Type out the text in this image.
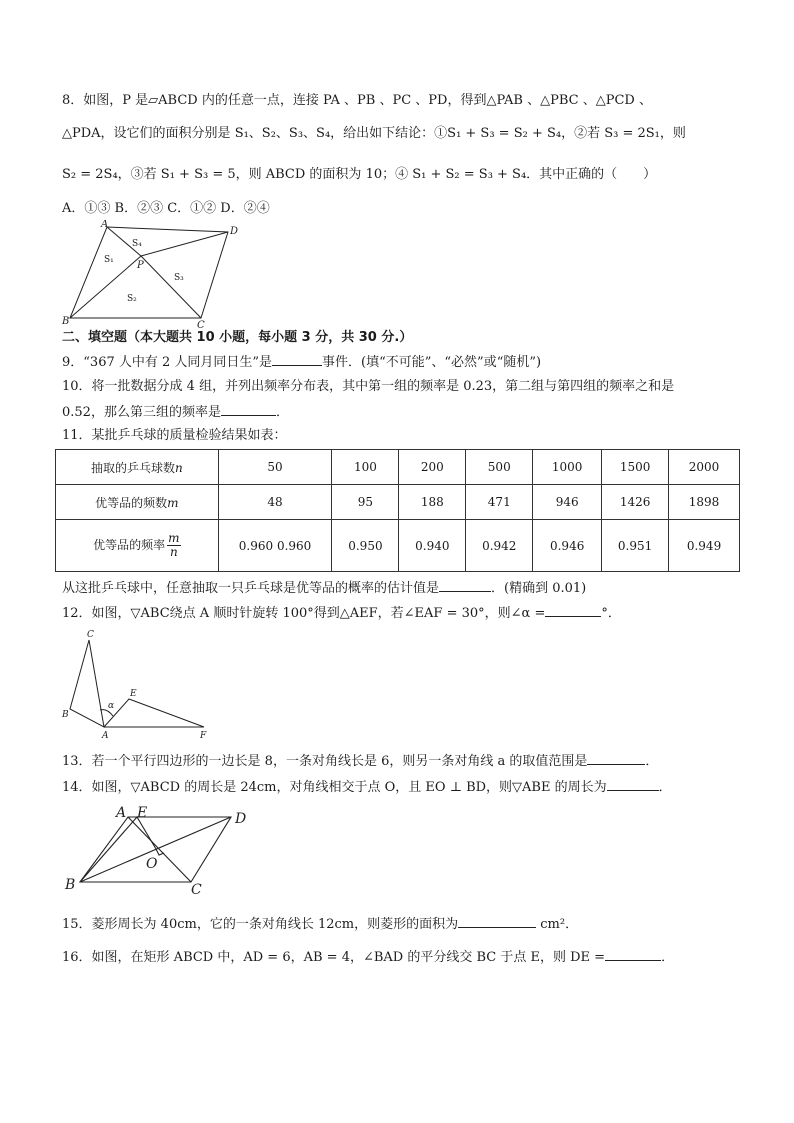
8．如图，P 是▱ABCD 内的任意一点，连接 PA 、PB 、PC 、PD，得到△PAB 、△PBC 、△PCD 、
△PDA，设它们的面积分别是 S₁、S₂、S₃、S₄，给出如下结论：①S₁ + S₃ = S₂ + S₄，②若 S₃ = 2S₁，则
S₂ = 2S₄，③若 S₁ + S₃ = 5，则 ABCD 的面积为 10；④ S₁ + S₂ = S₃ + S₄．其中正确的（　　）
A．①③ B．②③ C．①② D．②④
A
B	C
D
P
S₁
S₂
S₃
S₄
二、填空题（本大题共 10 小题，每小题 3 分，共 30 分.）
9．“367 人中有 2 人同月同日生”是	事件．(填“不可能”、“必然”或“随机”)
10．将一批数据分成 4 组，并列出频率分布表，其中第一组的频率是 0.23，第二组与第四组的频率之和是
0.52，那么第三组的频率是	．
11．某批乒乓球的质量检验结果如表：
抽取的乒乓球数n	50	100	200	500	1000	1500	2000
优等品的频数m	48	95	188	471	946	1426	1898
优等品的频率 $\frac{m}{n}$	0.960 0.960	0.950	0.940	0.942	0.946	0.951	0.949
从这批乒乓球中，任意抽取一只乒乓球是优等品的概率的估计值是	．(精确到 0.01)
12．如图，▽ABC绕点 A 顺时针旋转 100°得到△AEF，若∠EAF = 30°，则∠α =	°．
C
B
A
E
F
α
13．若一个平行四边形的一边长是 8，一条对角线长是 6，则另一条对角线 a 的取值范围是	．
14．如图，▽ABCD 的周长是 24cm，对角线相交于点 O，且 EO ⊥ BD，则▽ABE 的周长为	．
A E	D
O
B	C
15．菱形周长为 40cm，它的一条对角线长 12cm，则菱形的面积为	cm²．
16．如图，在矩形 ABCD 中，AD = 6，AB = 4，∠BAD 的平分线交 BC 于点 E，则 DE =	．
